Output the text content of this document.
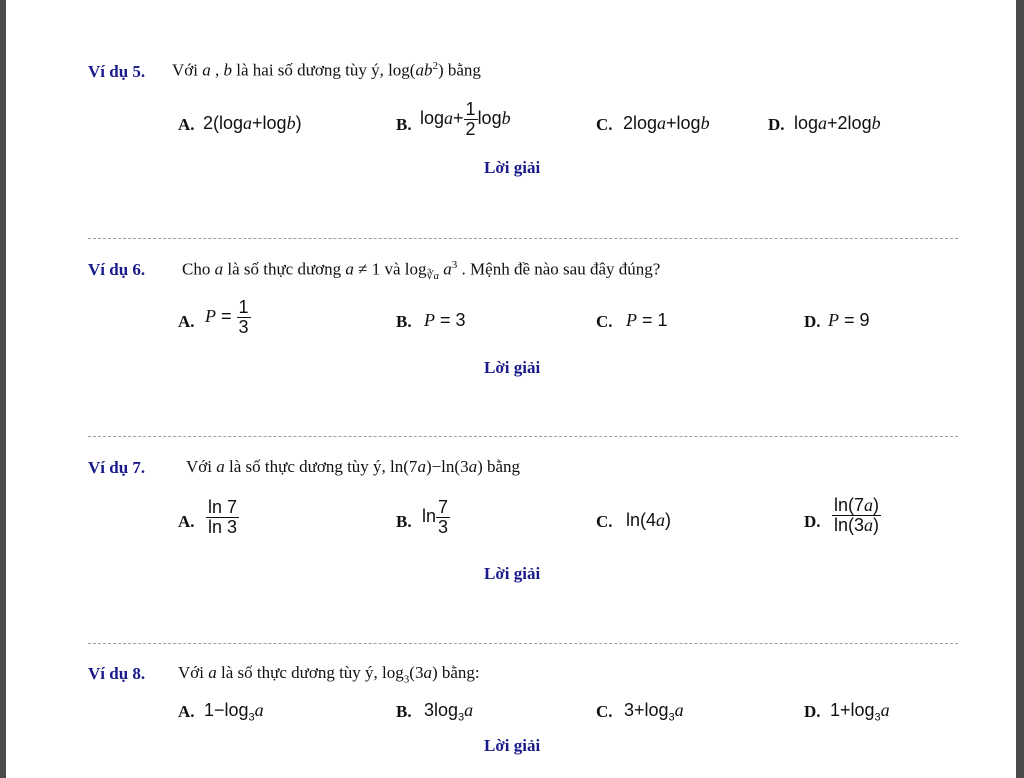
Ví dụ 5. Với a , b là hai số dương tùy ý, $\log(ab^2)$ bằng
A. 2(loga+logb)	B. $\log a+ \frac{1}{2}$ logb	C. 2loga+logb	D. loga+2logb
Lời giải
Ví dụ 6. Cho a là số thực dương a ≠ 1 và $\log_{∛a} a^3$ . Mệnh đề nào sau đây đúng?
A. $P = \frac{1}{3}$	B. P = 3	C. P = 1	D. P = 9
Lời giải
Ví dụ 7. Với a là số thực dương tùy ý, ln(7a)−ln(3a) bằng
A. $\frac{\ln 7}{\ln 3}$	B. $\ln \frac{7}{3}$	C. ln(4a)	D. $\frac{\ln(7a)}{\ln(3a)}$
Lời giải
Ví dụ 8. Với a là số thực dương tùy ý, $\log_3(3a)$ bằng:
A. $1-\log_3a$	B. $3\log_3a$	C. $3+\log_3a$	D. $1+\log_3a$
Lời giải
